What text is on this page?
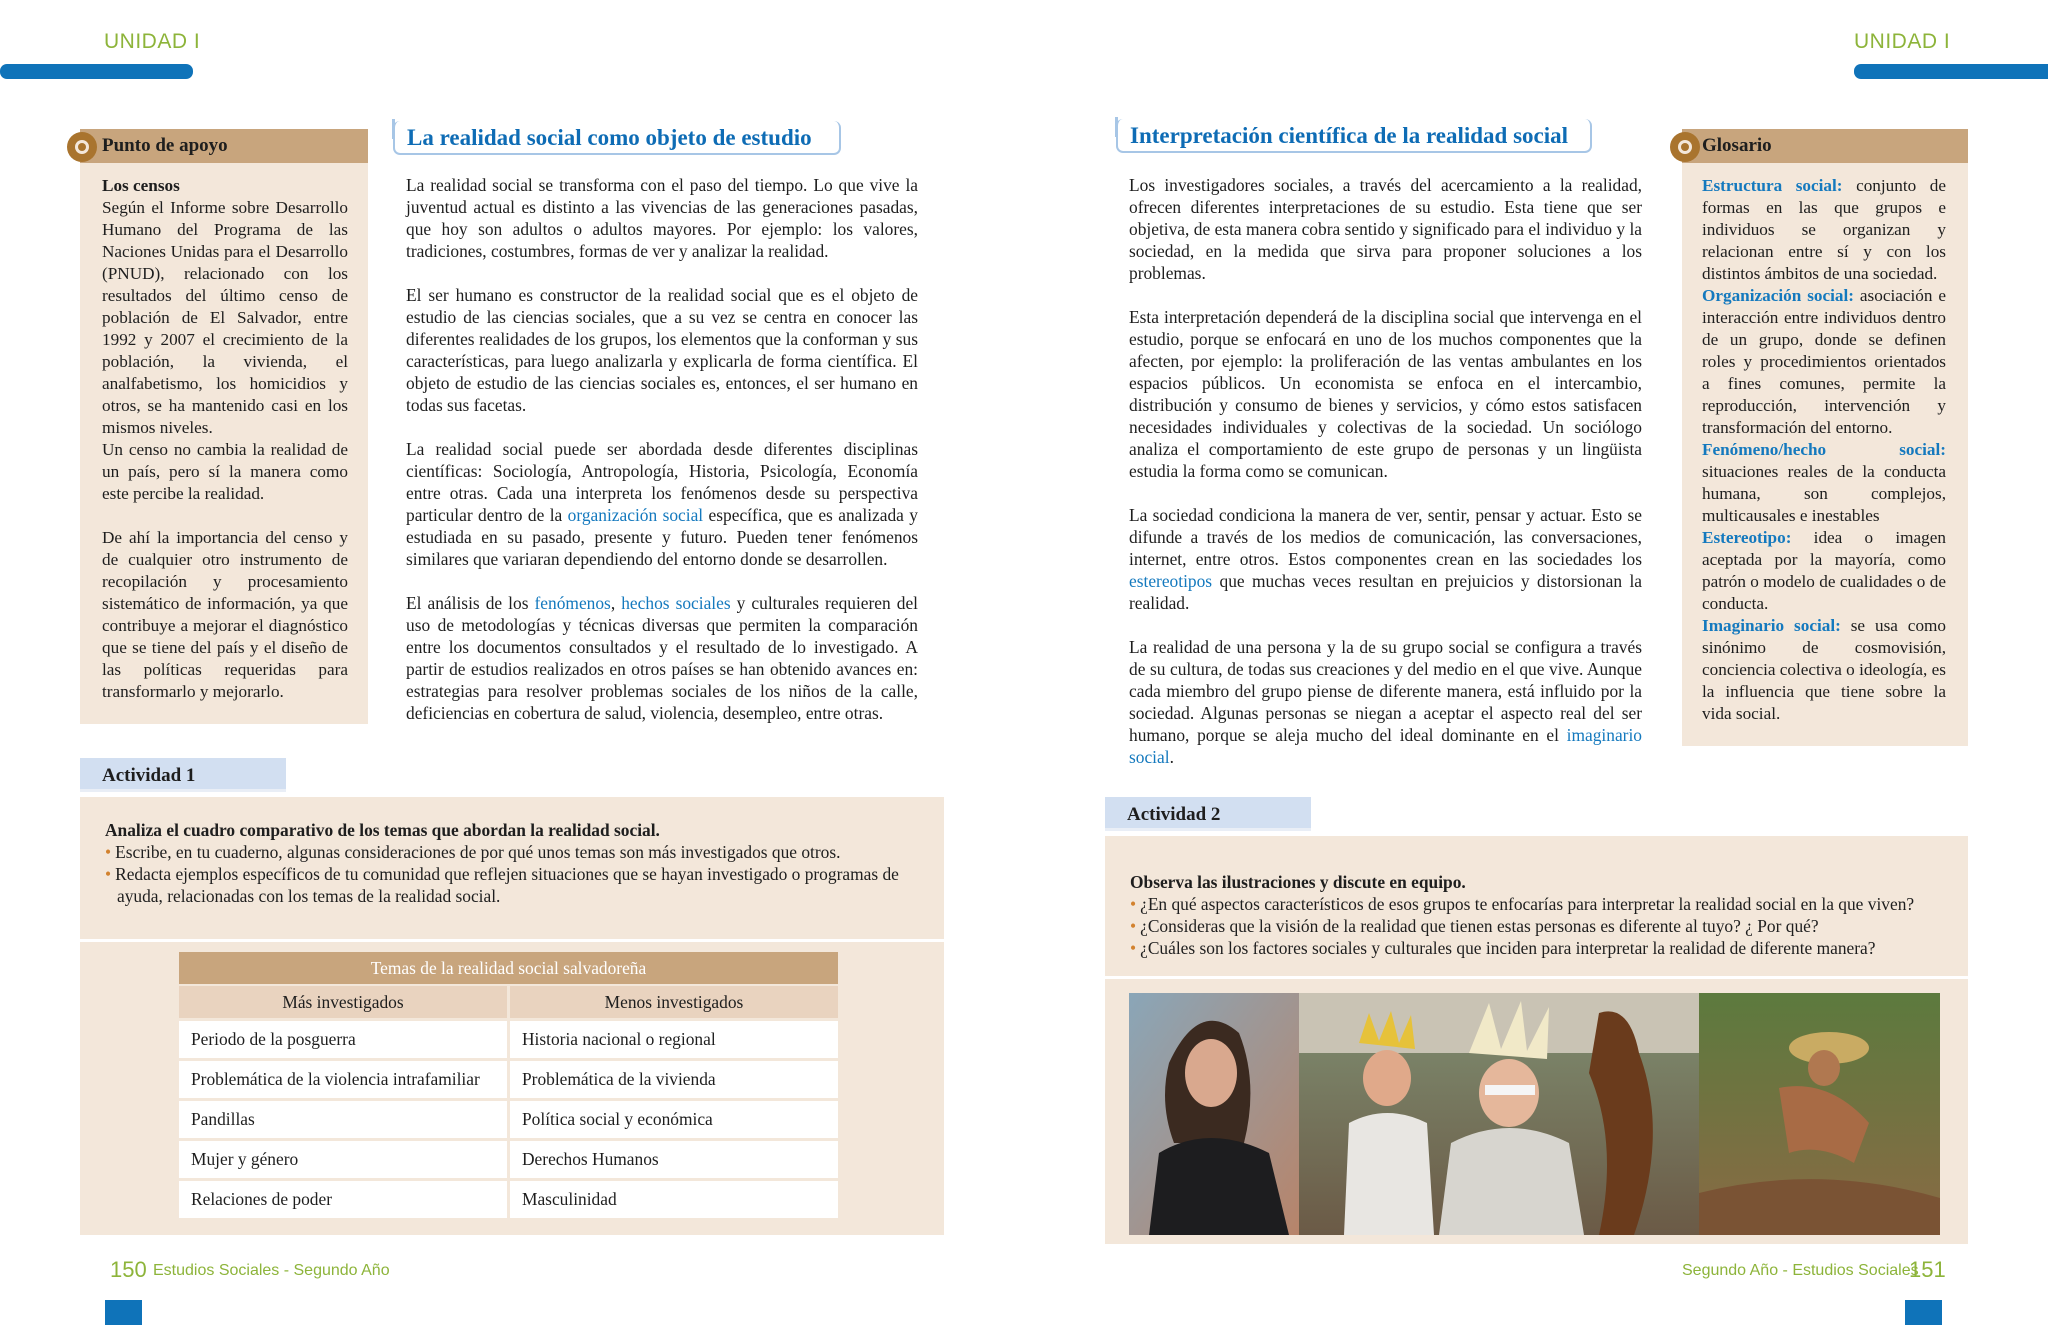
UNIDAD I	UNIDAD I
Punto de apoyo
Los censos
Según el Informe sobre Desarrollo Humano del Programa de las Naciones Unidas para el Desarrollo (PNUD), relacionado con los resultados del último censo de población de El Salvador, entre 1992 y 2007 el crecimiento de la población, la vivienda, el analfabetismo, los homicidios y otros, se ha mantenido casi en los mismos niveles.
Un censo no cambia la realidad de un país, pero sí la manera como este percibe la realidad.
De ahí la importancia del censo y de cualquier otro instrumento de recopilación y procesamiento sistemático de información, ya que contribuye a mejorar el diagnóstico que se tiene del país y el diseño de las políticas requeridas para transformarlo y mejorarlo.
La realidad social como objeto de estudio

La realidad social se transforma con el paso del tiempo. Lo que vive la juventud actual es distinto a las vivencias de las generaciones pasadas, que hoy son adultos o adultos mayores. Por ejemplo: los valores, tradiciones, costumbres, formas de ver y analizar la realidad.

El ser humano es constructor de la realidad social que es el objeto de estudio de las ciencias sociales, que a su vez se centra en conocer las diferentes realidades de los grupos, los elementos que la conforman y sus características, para luego analizarla y explicarla de forma científica. El objeto de estudio de las ciencias sociales es, entonces, el ser humano en todas sus facetas.

La realidad social puede ser abordada desde diferentes disciplinas científicas: Sociología, Antropología, Historia, Psicología, Economía entre otras. Cada una interpreta los fenómenos desde su perspectiva particular dentro de la organización social específica, que es analizada y estudiada en su pasado, presente y futuro. Pueden tener fenómenos similares que variaran dependiendo del entorno donde se desarrollen.

El análisis de los fenómenos, hechos sociales y culturales requieren del uso de metodologías y técnicas diversas que permiten la comparación entre los documentos consultados y el resultado de lo investigado. A partir de estudios realizados en otros países se han obtenido avances en: estrategias para resolver problemas sociales de los niños de la calle, deficiencias en cobertura de salud, violencia, desempleo, entre otras.

Actividad 1
Analiza el cuadro comparativo de los temas que abordan la realidad social.
• Escribe, en tu cuaderno, algunas consideraciones de por qué unos temas son más investigados que otros.
• Redacta ejemplos específicos de tu comunidad que reflejen situaciones que se hayan investigado o programas de ayuda, relacionadas con los temas de la realidad social.
Temas de la realidad social salvadoreña
Más investigados	Menos investigados
Periodo de la posguerra	Historia nacional o regional
Problemática de la violencia intrafamiliar	Problemática de la vivienda
Pandillas	Política social y económica
Mujer y género	Derechos Humanos
Relaciones de poder	Masculinidad
Interpretación científica de la realidad social

Los investigadores sociales, a través del acercamiento a la realidad, ofrecen diferentes interpretaciones de su estudio. Esta tiene que ser objetiva, de esta manera cobra sentido y significado para el individuo y la sociedad, en la medida que sirva para proponer soluciones a los problemas.

Esta interpretación dependerá de la disciplina social que intervenga en el estudio, porque se enfocará en uno de los muchos componentes que la afecten, por ejemplo: la proliferación de las ventas ambulantes en los espacios públicos. Un economista se enfoca en el intercambio, distribución y consumo de bienes y servicios, y cómo estos satisfacen necesidades individuales y colectivas de la sociedad. Un sociólogo analiza el comportamiento de este grupo de personas y un lingüista estudia la forma como se comunican.

La sociedad condiciona la manera de ver, sentir, pensar y actuar. Esto se difunde a través de los medios de comunicación, las conversaciones, internet, entre otros. Estos componentes crean en las sociedades los estereotipos que muchas veces resultan en prejuicios y distorsionan la realidad.

La realidad de una persona y la de su grupo social se configura a través de su cultura, de todas sus creaciones y del medio en el que vive. Aunque cada miembro del grupo piense de diferente manera, está influido por la sociedad. Algunas personas se niegan a aceptar el aspecto real del ser humano, porque se aleja mucho del ideal dominante en el imaginario social.

Glosario
Estructura social: conjunto de formas en las que grupos e individuos se organizan y relacionan entre sí y con los distintos ámbitos de una sociedad.
Organización social: asociación e interacción entre individuos dentro de un grupo, donde se definen roles y procedimientos orientados a fines comunes, permite la reproducción, intervención y transformación del entorno.
Fenómeno/hecho social: situaciones reales de la conducta humana, son complejos, multicausales e inestables
Estereotipo: idea o imagen aceptada por la mayoría, como patrón o modelo de cualidades o de conducta.
Imaginario social: se usa como sinónimo de cosmovisión, conciencia colectiva o ideología, es la influencia que tiene sobre la vida social.
Actividad 2
Observa las ilustraciones y discute en equipo.
• ¿En qué aspectos característicos de esos grupos te enfocarías para interpretar la realidad social en la que viven?
• ¿Consideras que la visión de la realidad que tienen estas personas es diferente al tuyo? ¿ Por qué?
• ¿Cuáles son los factores sociales y culturales que inciden para interpretar la realidad de diferente manera?
150 Estudios Sociales - Segundo Año	Segundo Año - Estudios Sociales
151
